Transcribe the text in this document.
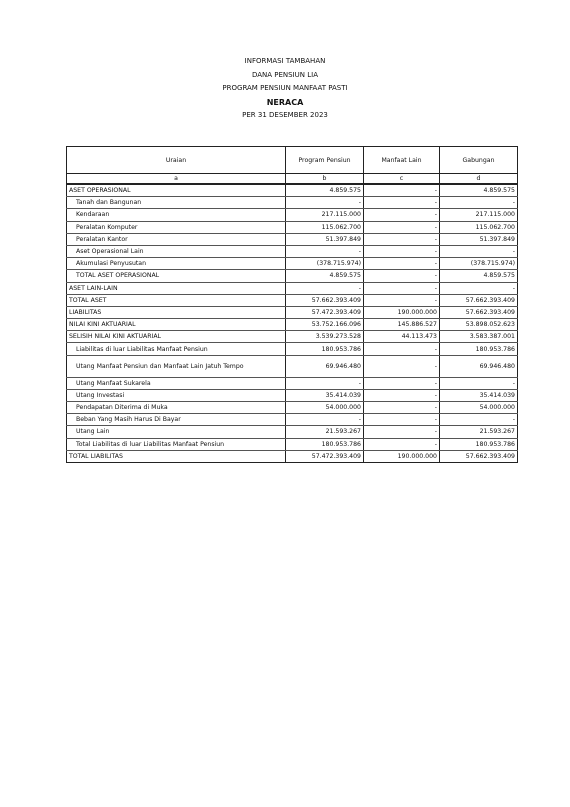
INFORMASI TAMBAHAN
DANA PENSIUN LIA
PROGRAM PENSIUN MANFAAT PASTI
NERACA
PER 31 DESEMBER 2023
Uraian	Program Pensiun	Manfaat Lain	Gabungan
a	b	c	d
ASET OPERASIONAL	4.859.575	-	4.859.575
Tanah dan Bangunan	-	-	-
Kendaraan	217.115.000	-	217.115.000
Peralatan Komputer	115.062.700	-	115.062.700
Peralatan Kantor	51.397.849	-	51.397.849
Aset Operasional Lain	-	-	-
Akumulasi Penyusutan	(378.715.974)	-	(378.715.974)
TOTAL ASET OPERASIONAL	4.859.575	-	4.859.575
ASET LAIN-LAIN	-	-	-
TOTAL ASET	57.662.393.409	-	57.662.393.409
LIABILITAS	57.472.393.409	190.000.000	57.662.393.409
NILAI KINI AKTUARIAL	53.752.166.096	145.886.527	53.898.052.623
SELISIH NILAI KINI AKTUARIAL	3.539.273.528	44.113.473	3.583.387.001
Liabilitas di luar Liabilitas Manfaat Pensiun	180.953.786	-	180.953.786
Utang Manfaat Pensiun dan Manfaat Lain Jatuh Tempo	69.946.480	-	69.946.480
Utang Manfaat Sukarela	-	-	-
Utang Investasi	35.414.039	-	35.414.039
Pendapatan Diterima di Muka	54.000.000	-	54.000.000
Beban Yang Masih Harus Di Bayar	-	-	-
Utang Lain	21.593.267	-	21.593.267
Total Liabilitas di luar Liabilitas Manfaat Pensiun	180.953.786	-	180.953.786
TOTAL LIABILITAS	57.472.393.409	190.000.000	57.662.393.409
